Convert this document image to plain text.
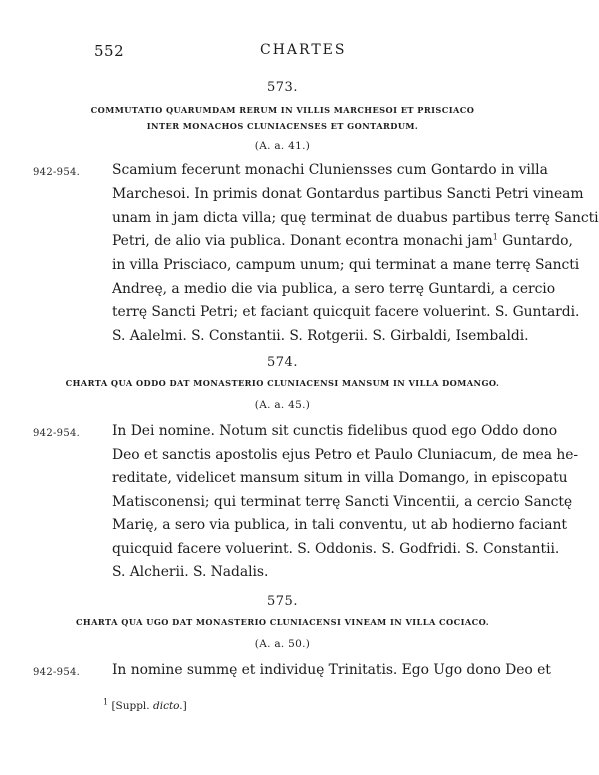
552	CHARTES
573.
COMMUTATIO QUARUMDAM RERUM IN VILLIS MARCHESOI ET PRISCIACO
INTER MONACHOS CLUNIACENSES ET GONTARDUM.
(A. a. 41.)
942-954. Scamium fecerunt monachi Cluniensses cum Gontardo in villa
Marchesoi. In primis donat Gontardus partibus Sancti Petri vineam
unam in jam dicta villa; quę terminat de duabus partibus terrę Sancti
Petri, de alio via publica. Donant econtra monachi jam$^1$ Guntardo,
in villa Prisciaco, campum unum; qui terminat a mane terrę Sancti
Andreę, a medio die via publica, a sero terrę Guntardi, a cercio
terrę Sancti Petri; et faciant quicquit facere voluerint. S. Guntardi.
S. Aalelmi. S. Constantii. S. Rotgerii. S. Girbaldi, Isembaldi.
574.
CHARTA QUA ODDO DAT MONASTERIO CLUNIACENSI MANSUM IN VILLA DOMANGO.
(A. a. 45.)
942-954. In Dei nomine. Notum sit cunctis fidelibus quod ego Oddo dono
Deo et sanctis apostolis ejus Petro et Paulo Cluniacum, de mea he-
reditate, videlicet mansum situm in villa Domango, in episcopatu
Matisconensi; qui terminat terrę Sancti Vincentii, a cercio Sanctę
Marię, a sero via publica, in tali conventu, ut ab hodierno faciant
quicquid facere voluerint. S. Oddonis. S. Godfridi. S. Constantii.
S. Alcherii. S. Nadalis.
575.
CHARTA QUA UGO DAT MONASTERIO CLUNIACENSI VINEAM IN VILLA COCIACO.
(A. a. 50.)
942-954. In nomine summę et individuę Trinitatis. Ego Ugo dono Deo et
$^1$ [Suppl. dicto.]
